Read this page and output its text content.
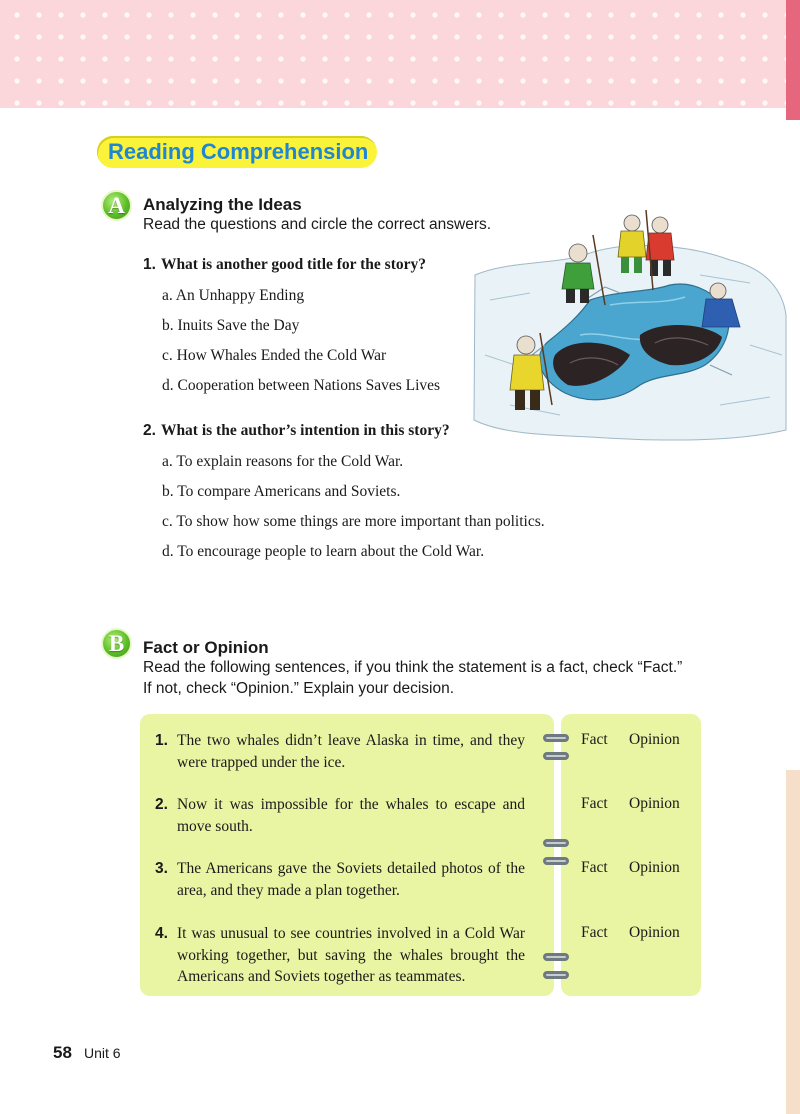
Reading Comprehension
A	Analyzing the Ideas
Read the questions and circle the correct answers.
1. What is another good title for the story?
a. An Unhappy Ending
b. Inuits Save the Day
c. How Whales Ended the Cold War
d. Cooperation between Nations Saves Lives
2. What is the author’s intention in this story?
a. To explain reasons for the Cold War.
b. To compare Americans and Soviets.
c. To show how some things are more important than politics.
d. To encourage people to learn about the Cold War.
B	Fact or Opinion
Read the following sentences, if you think the statement is a fact, check “Fact.”
If not, check “Opinion.” Explain your decision.
1. The two whales didn’t leave Alaska in time, and they were trapped under the ice.
Fact Opinion
2. Now it was impossible for the whales to escape and move south.
Fact Opinion
3. The Americans gave the Soviets detailed photos of the area, and they made a plan together.
Fact Opinion
4. It was unusual to see countries involved in a Cold War working together, but saving the whales brought the Americans and Soviets together as teammates.
Fact Opinion
58 Unit 6
